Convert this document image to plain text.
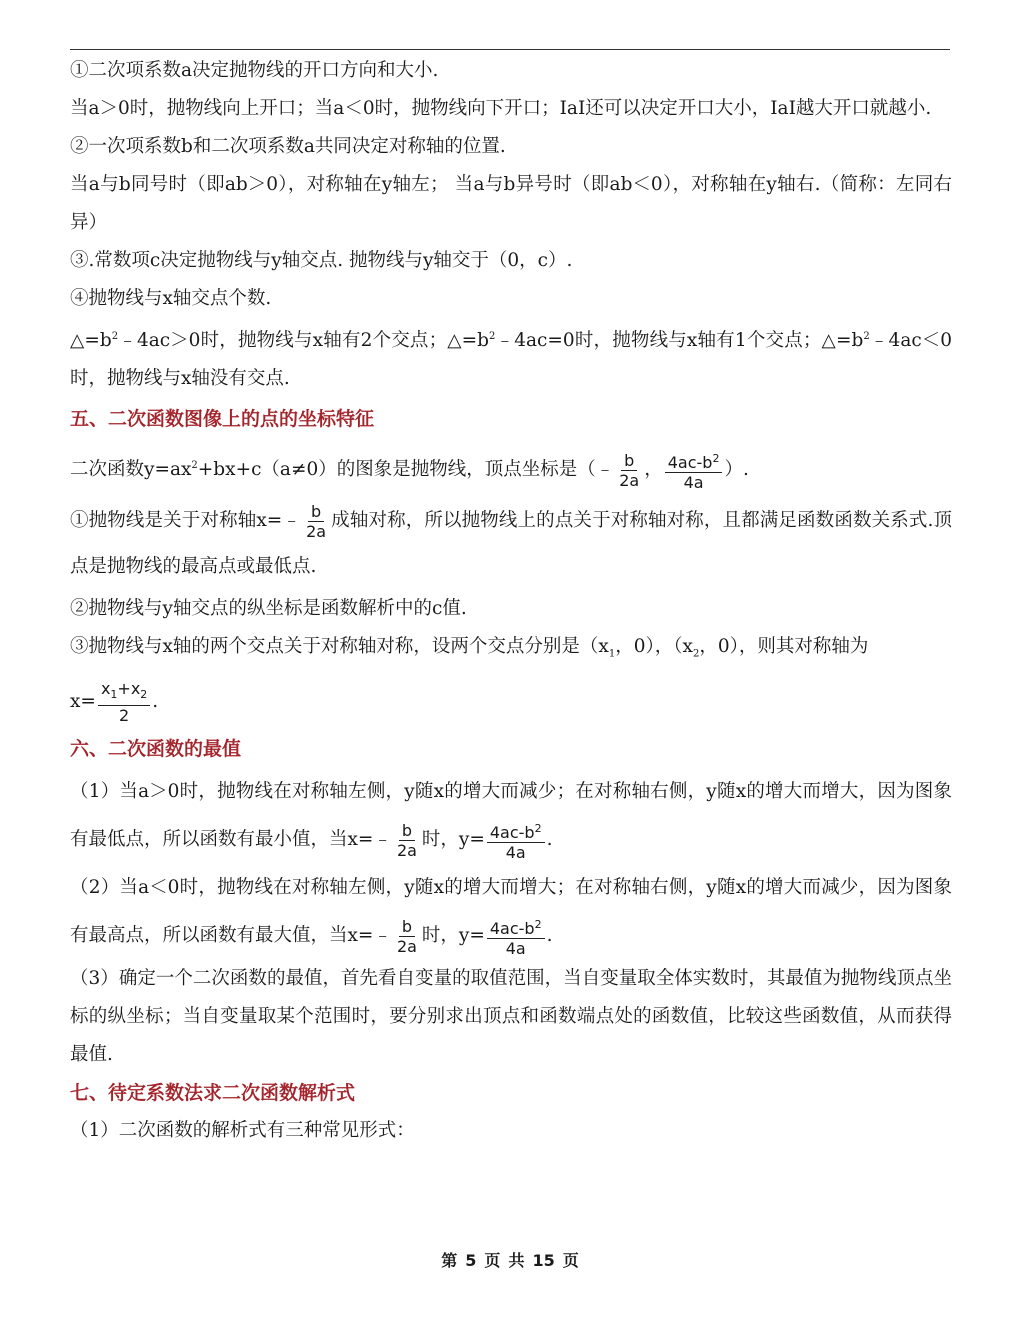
①二次项系数a决定抛物线的开口方向和大小.

当a＞0时，抛物线向上开口；当a＜0时，抛物线向下开口；IaI还可以决定开口大小，IaI越大开口就越小.

②一次项系数b和二次项系数a共同决定对称轴的位置.

当a与b同号时（即ab＞0），对称轴在y轴左； 当a与b异号时（即ab＜0），对称轴在y轴右.（简称：左同右异）

③.常数项c决定抛物线与y轴交点. 抛物线与y轴交于（0，c）.

④抛物线与x轴交点个数.

$\triangle=b^2﹣4ac>0$时，抛物线与x轴有2个交点；$\triangle=b^2﹣4ac=0$时，抛物线与x轴有1个交点；$\triangle=b^2﹣4ac<0$时，抛物线与x轴没有交点.

五、二次函数图像上的点的坐标特征

二次函数$y=ax^2+bx+c(a\ne 0)$的图象是抛物线，顶点坐标是（﹣ $\frac{b}{2a}$ ， $\frac{4ac-b^2}{4a}$ ）.

①抛物线是关于对称轴x=﹣ $\frac{b}{2a}$ 成轴对称，所以抛物线上的点关于对称轴对称，且都满足函数函数关系式.顶点是抛物线的最高点或最低点.

②抛物线与y轴交点的纵坐标是函数解析中的c值.

③抛物线与x轴的两个交点关于对称轴对称，设两个交点分别是（$x_1$，0），（$x_2$，0），则其对称轴为

$x= \frac{x_1+x_2}{2}$ .

六、二次函数的最值

（1）当a＞0时，抛物线在对称轴左侧，y随x的增大而减少；在对称轴右侧，y随x的增大而增大，因为图象有最低点，所以函数有最小值，当x=﹣ $\frac{b}{2a}$ 时，$y= \frac{4ac-b^2}{4a}$ .

（2）当a＜0时，抛物线在对称轴左侧，y随x的增大而增大；在对称轴右侧，y随x的增大而减少，因为图象有最高点，所以函数有最大值，当x=﹣ $\frac{b}{2a}$ 时，$y= \frac{4ac-b^2}{4a}$ .

（3）确定一个二次函数的最值，首先看自变量的取值范围，当自变量取全体实数时，其最值为抛物线顶点坐标的纵坐标；当自变量取某个范围时，要分别求出顶点和函数端点处的函数值，比较这些函数值，从而获得最值.

七、待定系数法求二次函数解析式

（1）二次函数的解析式有三种常见形式：

第 5 页 共 15 页
